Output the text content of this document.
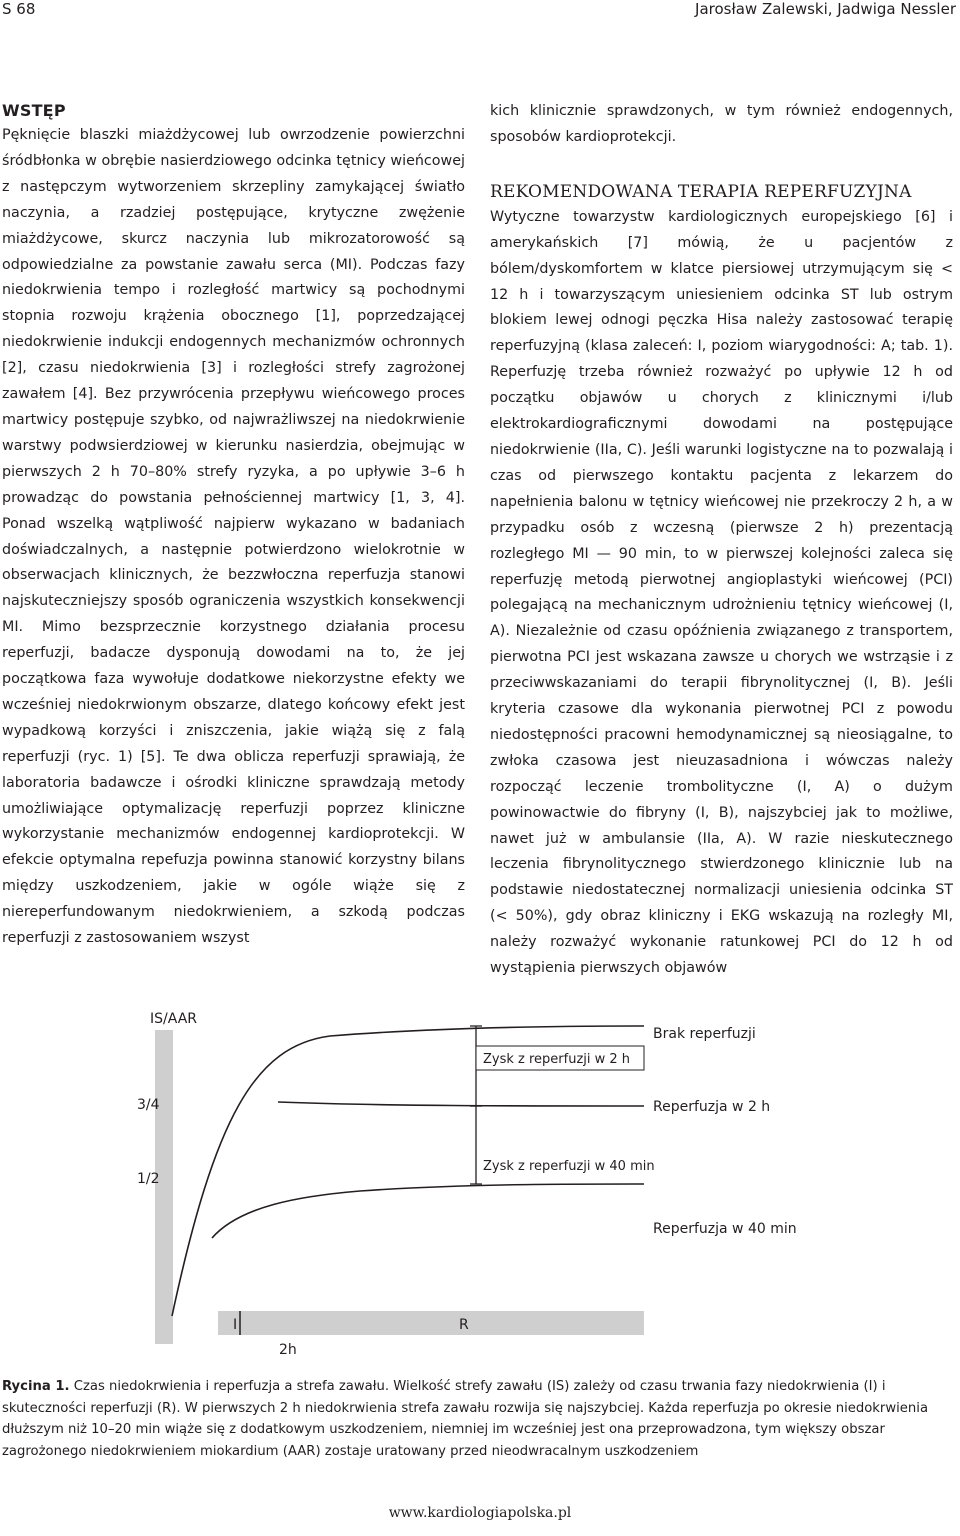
S 68	Jarosław Zalewski, Jadwiga Nessler
WSTĘP

Pęknięcie blaszki miażdżycowej lub owrzodzenie powierzchni śródbłonka w obrębie nasierdziowego odcinka tętnicy wieńcowej z następczym wytworzeniem skrzepliny zamykającej światło naczynia, a rzadziej postępujące, krytyczne zwężenie miażdżycowe, skurcz naczynia lub mikrozatorowość są odpowiedzialne za powstanie zawału serca (MI). Podczas fazy niedokrwienia tempo i rozległość martwicy są pochodnymi stopnia rozwoju krążenia obocznego [1], poprzedzającej niedokrwienie indukcji endogennych mechanizmów ochronnych [2], czasu niedokrwienia [3] i rozległości strefy zagrożonej zawałem [4]. Bez przywrócenia przepływu wieńcowego proces martwicy postępuje szybko, od najwrażliwszej na niedokrwienie warstwy podwsierdziowej w kierunku nasierdzia, obejmując w pierwszych 2 h 70–80% strefy ryzyka, a po upływie 3–6 h prowadząc do powstania pełnościennej martwicy [1, 3, 4]. Ponad wszelką wątpliwość najpierw wykazano w badaniach doświadczalnych, a następnie potwierdzono wielokrotnie w obserwacjach klinicznych, że bezzwłoczna reperfuzja stanowi najskuteczniejszy sposób ograniczenia wszystkich konsekwencji MI. Mimo bezsprzecznie korzystnego działania procesu reperfuzji, badacze dysponują dowodami na to, że jej początkowa faza wywołuje dodatkowe niekorzystne efekty we wcześniej niedokrwionym obszarze, dlatego końcowy efekt jest wypadkową korzyści i zniszczenia, jakie wiążą się z falą reperfuzji (ryc. 1) [5]. Te dwa oblicza reperfuzji sprawiają, że laboratoria badawcze i ośrodki kliniczne sprawdzają metody umożliwiające optymalizację reperfuzji poprzez kliniczne wykorzystanie mechanizmów endogennej kardioprotekcji. W efekcie optymalna repefuzja powinna stanowić korzystny bilans między uszkodzeniem, jakie w ogóle wiąże się z niereperfundowanym niedokrwieniem, a szkodą podczas reperfuzji z zastosowaniem wszyst

kich klinicznie sprawdzonych, w tym również endogennych, sposobów kardioprotekcji.

REKOMENDOWANA TERAPIA REPERFUZYJNA

Wytyczne towarzystw kardiologicznych europejskiego [6] i amerykańskich [7] mówią, że u pacjentów z bólem/dyskomfortem w klatce piersiowej utrzymującym się < 12 h i towarzyszącym uniesieniem odcinka ST lub ostrym blokiem lewej odnogi pęczka Hisa należy zastosować terapię reperfuzyjną (klasa zaleceń: I, poziom wiarygodności: A; tab. 1). Reperfuzję trzeba również rozważyć po upływie 12 h od początku objawów u chorych z klinicznymi i/lub elektrokardiograficznymi dowodami na postępujące niedokrwienie (IIa, C). Jeśli warunki logistyczne na to pozwalają i czas od pierwszego kontaktu pacjenta z lekarzem do napełnienia balonu w tętnicy wieńcowej nie przekroczy 2 h, a w przypadku osób z wczesną (pierwsze 2 h) prezentacją rozległego MI — 90 min, to w pierwszej kolejności zaleca się reperfuzję metodą pierwotnej angioplastyki wieńcowej (PCI) polegającą na mechanicznym udrożnieniu tętnicy wieńcowej (I, A). Niezależnie od czasu opóźnienia związanego z transportem, pierwotna PCI jest wskazana zawsze u chorych we wstrząsie i z przeciwwskazaniami do terapii fibrynolitycznej (I, B). Jeśli kryteria czasowe dla wykonania pierwotnej PCI z powodu niedostępności pracowni hemodynamicznej są nieosiągalne, to zwłoka czasowa jest nieuzasadniona i wówczas należy rozpocząć leczenie trombolityczne (I, A) o dużym powinowactwie do fibryny (I, B), najszybciej jak to możliwe, nawet już w ambulansie (IIa, A). W razie nieskutecznego leczenia fibrynolitycznego stwierdzonego klinicznie lub na podstawie niedostatecznej normalizacji uniesienia odcinka ST (< 50%), gdy obraz kliniczny i EKG wskazują na rozległy MI, należy rozważyć wykonanie ratunkowej PCI do 12 h od wystąpienia pierwszych objawów

IS/AAR
3/4
1/2
Brak reperfuzji
Reperfuzja w 2 h
Reperfuzja w 40 min
Zysk z reperfuzji w 2 h
Zysk z reperfuzji w 40 min
I	R
2h
Rycina 1. Czas niedokrwienia i reperfuzja a strefa zawału. Wielkość strefy zawału (IS) zależy od czasu trwania fazy niedokrwienia (I) i skuteczności reperfuzji (R). W pierwszych 2 h niedokrwienia strefa zawału rozwija się najszybciej. Każda reperfuzja po okresie niedokrwienia dłuższym niż 10–20 min wiąże się z dodatkowym uszkodzeniem, niemniej im wcześniej jest ona przeprowadzona, tym większy obszar zagrożonego niedokrwieniem miokardium (AAR) zostaje uratowany przed nieodwracalnym uszkodzeniem
www.kardiologiapolska.pl
